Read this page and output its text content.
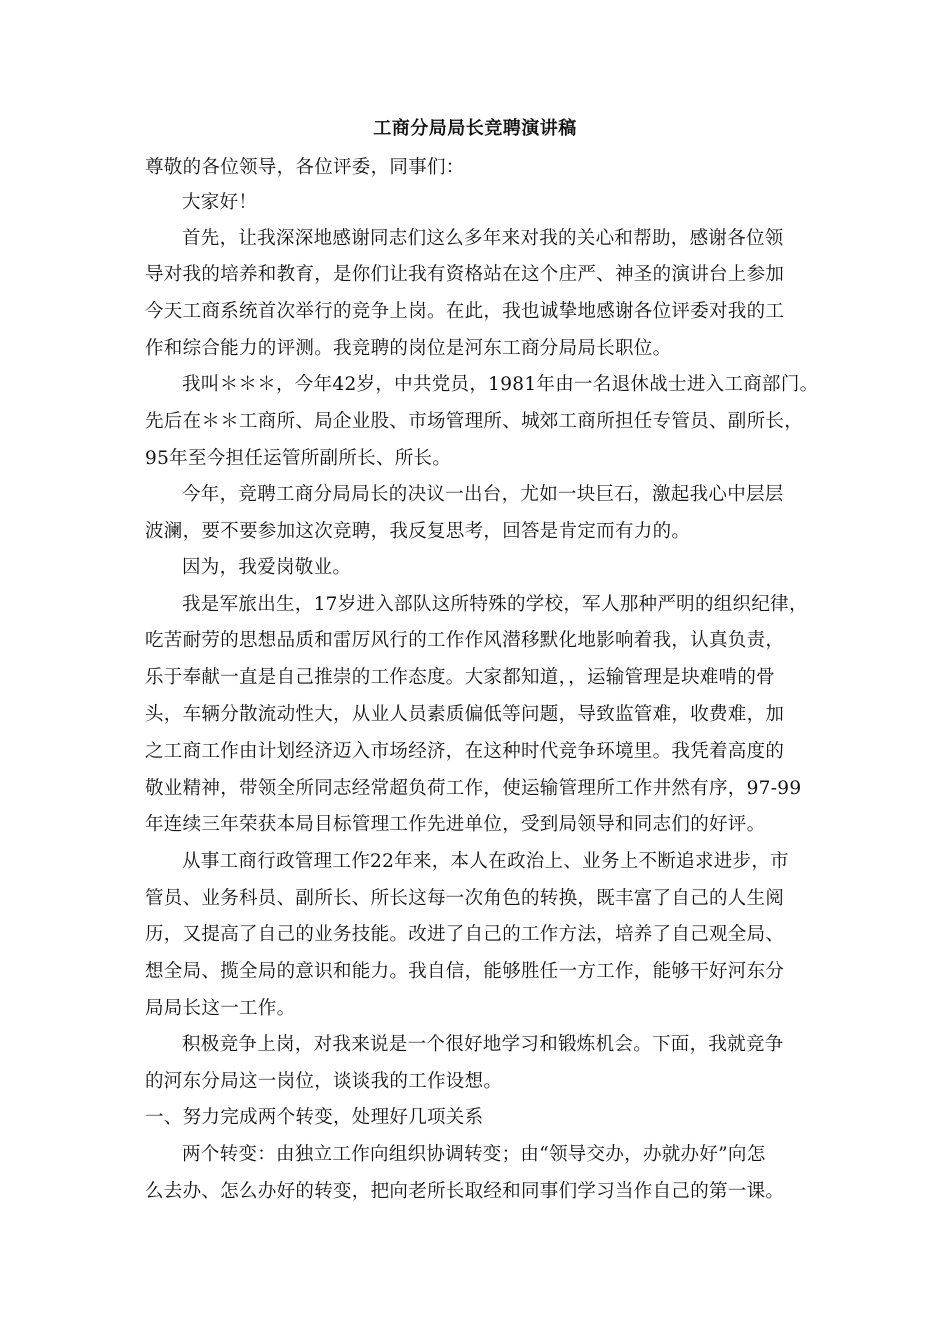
工商分局局长竞聘演讲稿
尊敬的各位领导，各位评委，同事们：
大家好！
首先，让我深深地感谢同志们这么多年来对我的关心和帮助，感谢各位领
导对我的培养和教育，是你们让我有资格站在这个庄严、神圣的演讲台上参加
今天工商系统首次举行的竞争上岗。在此，我也诚挚地感谢各位评委对我的工
作和综合能力的评测。我竞聘的岗位是河东工商分局局长职位。
我叫＊＊＊，今年42岁，中共党员，1981年由一名退休战士进入工商部门。
先后在＊＊工商所、局企业股、市场管理所、城郊工商所担任专管员、副所长，
95年至今担任运管所副所长、所长。
今年，竞聘工商分局局长的决议一出台，尤如一块巨石，激起我心中层层
波澜，要不要参加这次竞聘，我反复思考，回答是肯定而有力的。
因为，我爱岗敬业。
我是军旅出生，17岁进入部队这所特殊的学校，军人那种严明的组织纪律，
吃苦耐劳的思想品质和雷厉风行的工作作风潜移默化地影响着我，认真负责，
乐于奉献一直是自己推崇的工作态度。大家都知道，，运输管理是块难啃的骨
头，车辆分散流动性大，从业人员素质偏低等问题，导致监管难，收费难，加
之工商工作由计划经济迈入市场经济，在这种时代竞争环境里。我凭着高度的
敬业精神，带领全所同志经常超负荷工作，使运输管理所工作井然有序，97-99
年连续三年荣获本局目标管理工作先进单位，受到局领导和同志们的好评。
从事工商行政管理工作22年来，本人在政治上、业务上不断追求进步，市
管员、业务科员、副所长、所长这每一次角色的转换，既丰富了自己的人生阅
历，又提高了自己的业务技能。改进了自己的工作方法，培养了自己观全局、
想全局、揽全局的意识和能力。我自信，能够胜任一方工作，能够干好河东分
局局长这一工作。
积极竞争上岗，对我来说是一个很好地学习和锻炼机会。下面，我就竞争
的河东分局这一岗位，谈谈我的工作设想。
一、努力完成两个转变，处理好几项关系
两个转变：由独立工作向组织协调转变；由“领导交办，办就办好”向怎
么去办、怎么办好的转变，把向老所长取经和同事们学习当作自己的第一课。
